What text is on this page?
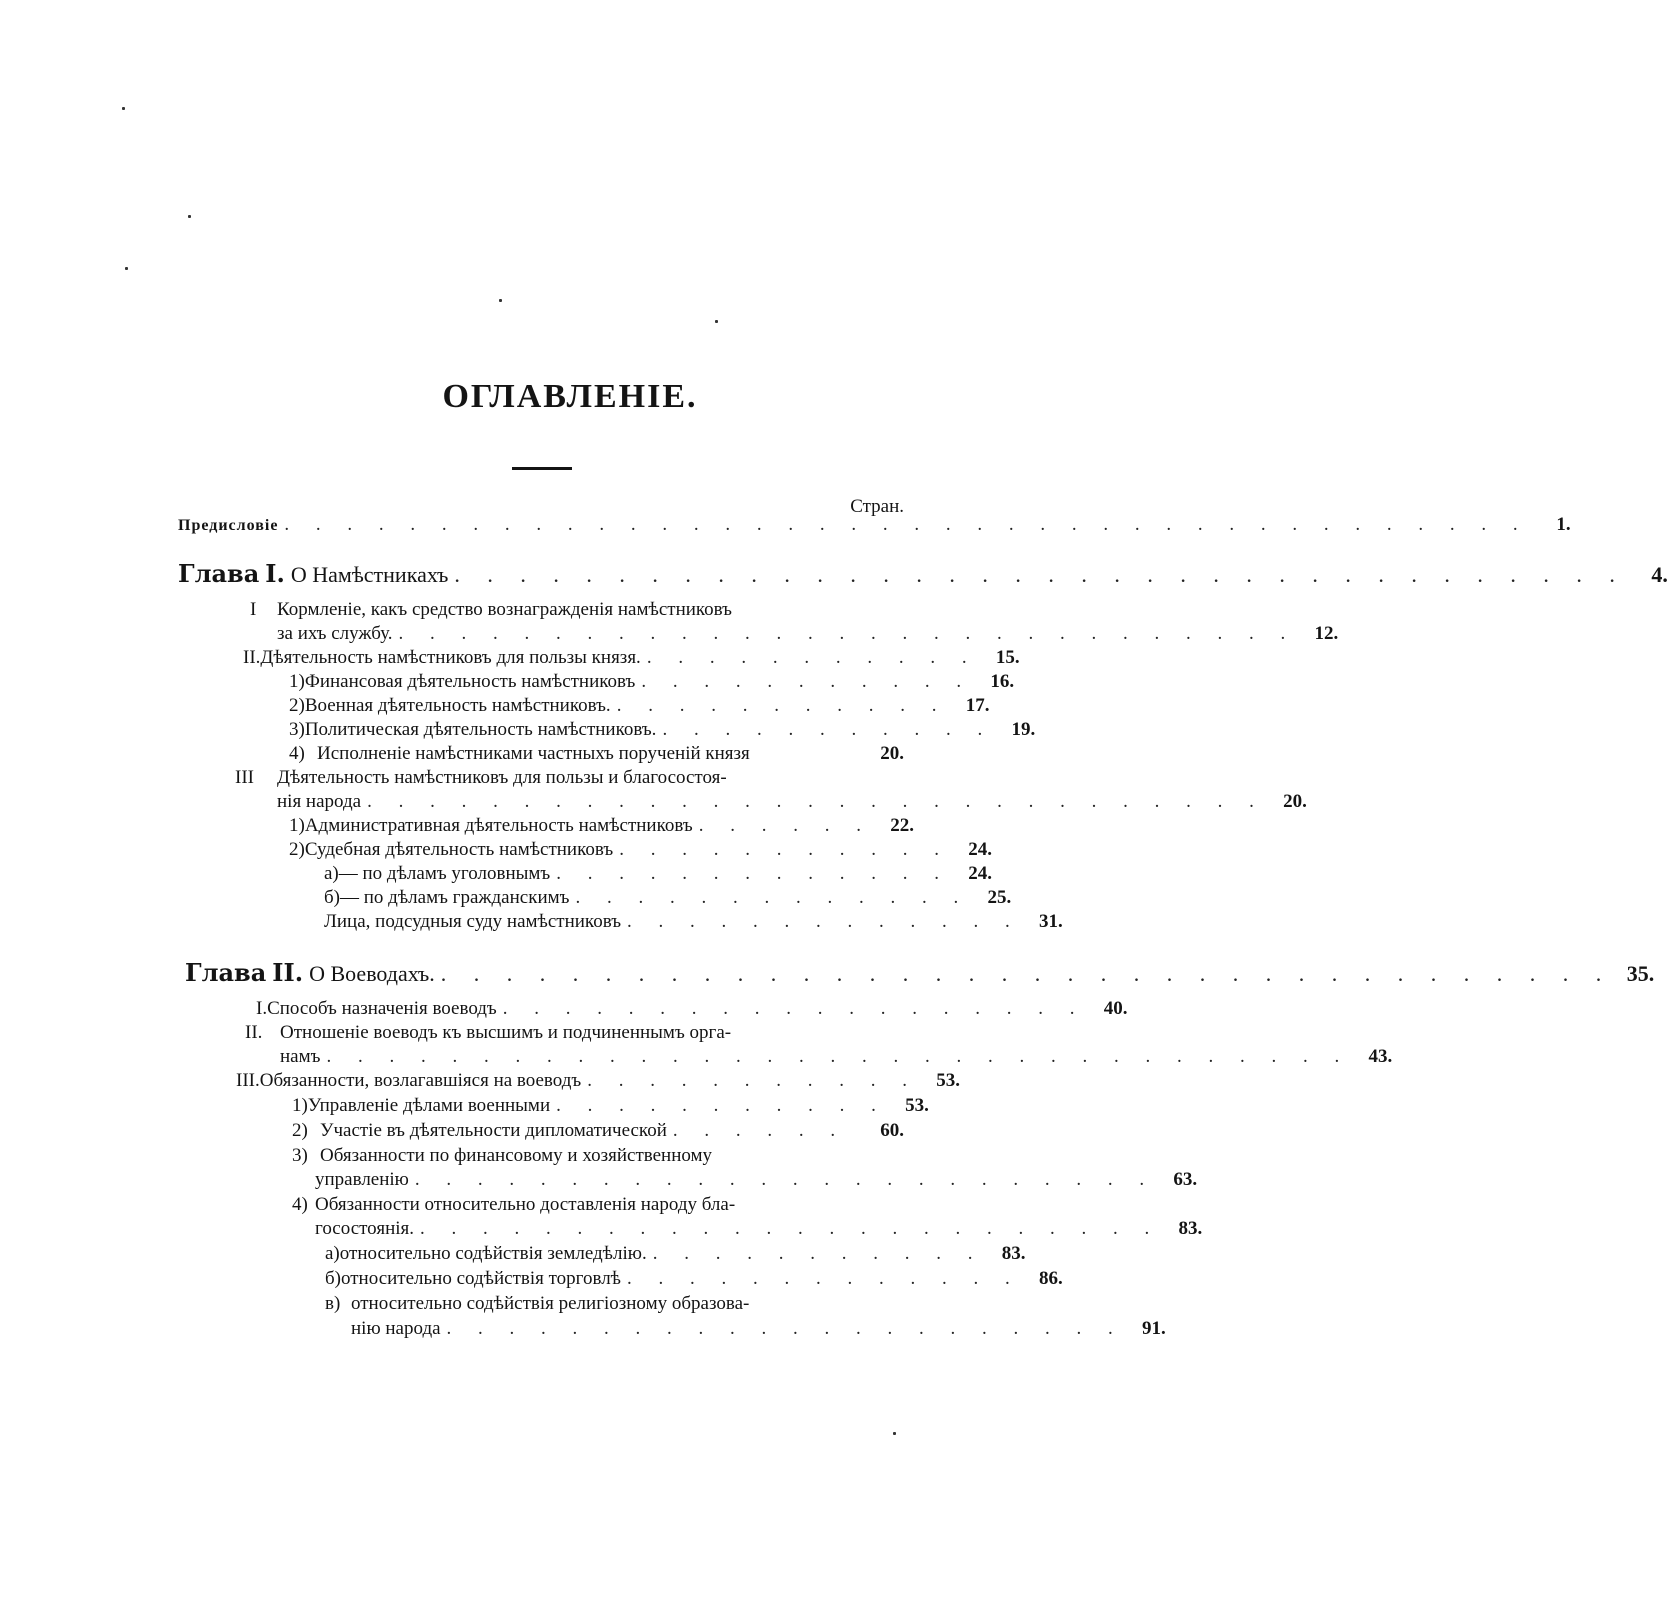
ОГЛАВЛЕНІЕ.
Стран.
Предисловіе . . . . . . . . . . . . . . . . . . . . . . . . . . . . . . . . . . . . . . . .	1.
Глава I. О Намѣстникахъ . . . . . . . . . . . . . . . . . . . . . . . . . . . . . . . . . . . .	4.
I	Кормленіе, какъ средство вознагражденія намѣстниковъ
за ихъ службу. . . . . . . . . . . . . . . . . . . . . . . . . . . . . . 12.
II. Дѣятельность намѣстниковъ для пользы князя. . . . . . . . . . . . 15.
1) Финансовая дѣятельность намѣстниковъ . . . . . . . . . . . 16.
2) Военная дѣятельность намѣстниковъ. . . . . . . . . . . . 17.
3) Политическая дѣятельность намѣстниковъ. . . . . . . . . . . . 19.
4) Исполненіе намѣстниками частныхъ порученій князя	20.
III	Дѣятельность намѣстниковъ для пользы и благосостоя-
нія народа . . . . . . . . . . . . . . . . . . . . . . . . . . . . . 20.
1) Административная дѣятельность намѣстниковъ . . . . . . 22.
2) Судебная дѣятельность намѣстниковъ . . . . . . . . . . . 24.
а) — по дѣламъ уголовнымъ . . . . . . . . . . . . . 24.
б) — по дѣламъ гражданскимъ . . . . . . . . . . . . . 25.
Лица, подсудныя суду намѣстниковъ . . . . . . . . . . . . . 31.
Глава II. О Воеводахъ. . . . . . . . . . . . . . . . . . . . . . . . . . . . . . . . . . . . . 35.
I. Способъ назначенія воеводъ . . . . . . . . . . . . . . . . . . . 40.
II. Отношеніе воеводъ къ высшимъ и подчиненнымъ орга-
намъ . . . . . . . . . . . . . . . . . . . . . . . . . . . . . . . . . 43.
III. Обязанности, возлагавшіяся на воеводъ . . . . . . . . . . . 53.
1) Управленіе дѣлами военными . . . . . . . . . . . 53.
2) Участіе въ дѣятельности дипломатической . . . . . .	60.
3) Обязанности по финансовому и хозяйственному
управленію . . . . . . . . . . . . . . . . . . . . . . . . 63.
4) Обязанности относительно доставленія народу бла-
госостоянія. . . . . . . . . . . . . . . . . . . . . . . . . 83.
а) относительно содѣйствія земледѣлію. . . . . . . . . . . . 83.
б) относительно содѣйствія торговлѣ . . . . . . . . . . . . . 86.
в) относительно содѣйствія религіозному образова-
нію народа . . . . . . . . . . . . . . . . . . . . . . 91.
